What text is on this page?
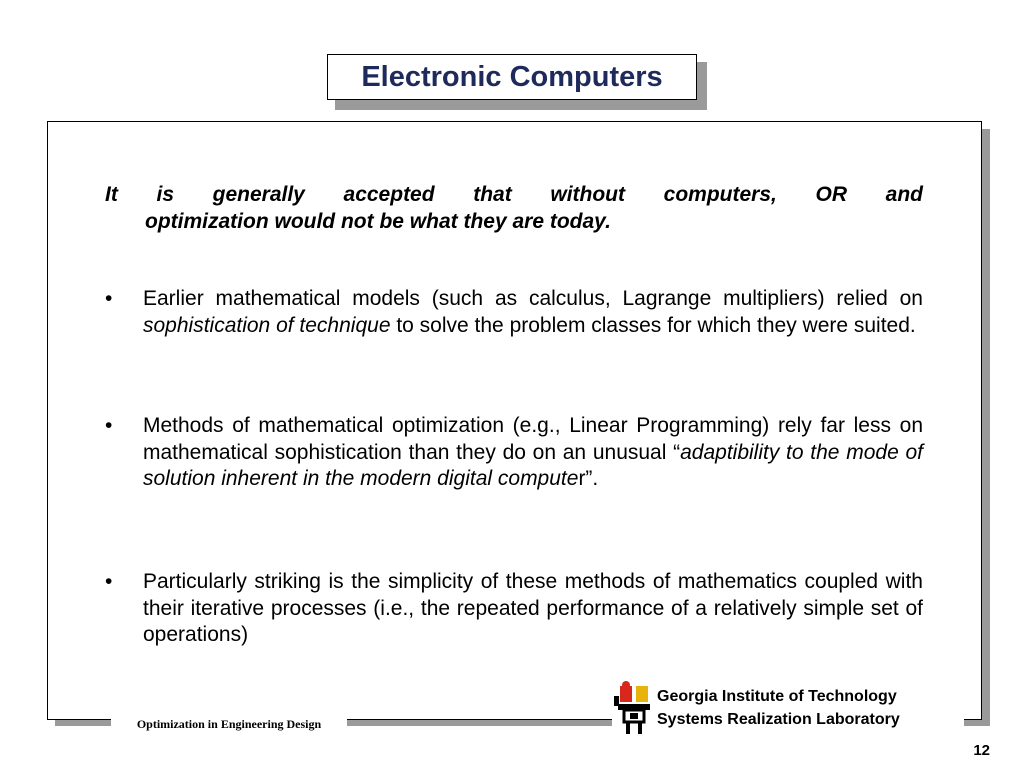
Electronic Computers
It is generally accepted that without computers, OR and
optimization would not be what they are today.
• Earlier mathematical models (such as calculus, Lagrange multipliers) relied on sophistication of technique to solve the problem classes for which they were suited.
• Methods of mathematical optimization (e.g., Linear Programming) rely far less on mathematical sophistication than they do on an unusual “adaptibility to the mode of solution inherent in the modern digital computer”.
• Particularly striking is the simplicity of these methods of mathematics coupled with their iterative processes (i.e., the repeated performance of a relatively simple set of operations)
Optimization in Engineering Design
Georgia Institute of Technology
Systems Realization Laboratory
12
